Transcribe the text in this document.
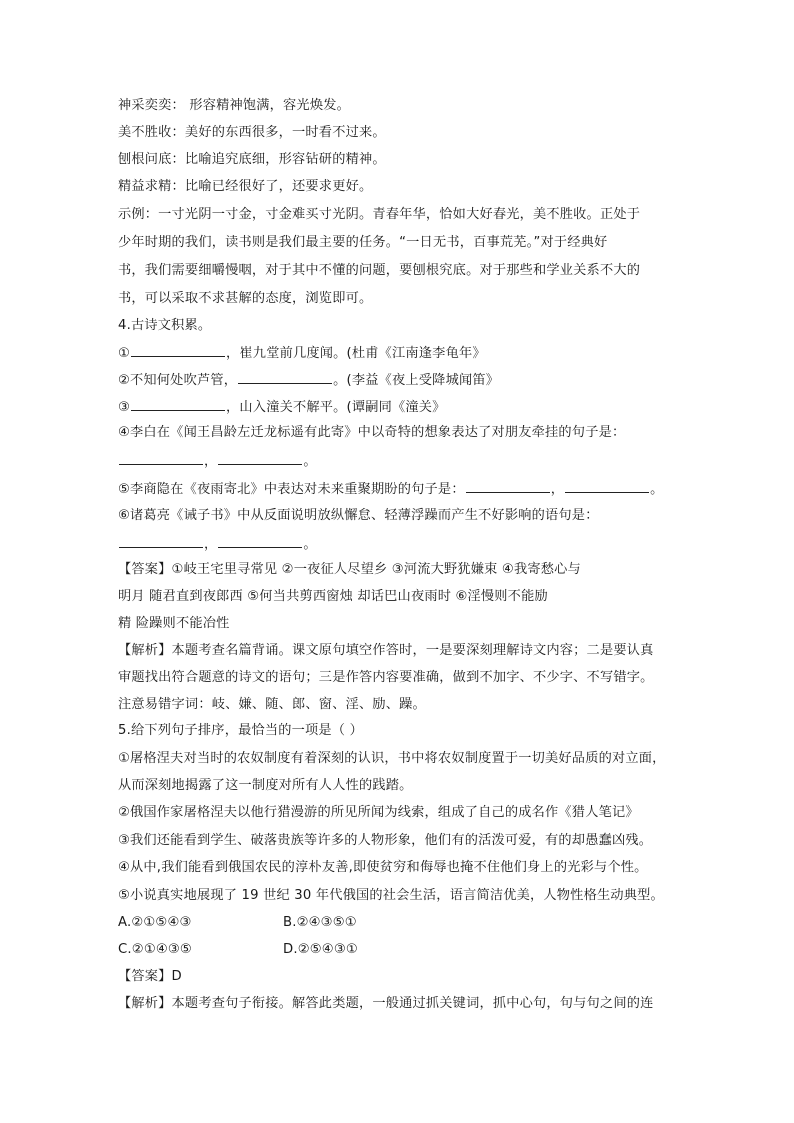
神采奕奕： 形容精神饱满，容光焕发。
美不胜收：美好的东西很多，一时看不过来。
刨根问底：比喻追究底细，形容钻研的精神。
精益求精：比喻已经很好了，还要求更好。
示例：一寸光阴一寸金，寸金难买寸光阴。青春年华，恰如大好春光，美不胜收。正处于
少年时期的我们，读书则是我们最主要的任务。“一日无书，百事荒芜。”对于经典好
书，我们需要细嚼慢咽，对于其中不懂的问题，要刨根究底。对于那些和学业关系不大的
书，可以采取不求甚解的态度，浏览即可。
4.古诗文积累。
①	，崔九堂前几度闻。(杜甫《江南逢李龟年》
②不知何处吹芦管，	。(李益《夜上受降城闻笛》
③	，山入潼关不解平。(谭嗣同《潼关》
④李白在《闻王昌龄左迁龙标遥有此寄》中以奇特的想象表达了对朋友牵挂的句子是：
，	。
⑤李商隐在《夜雨寄北》中表达对未来重聚期盼的句子是：	，	。
⑥诸葛亮《诫子书》中从反面说明放纵懈怠、轻薄浮躁而产生不好影响的语句是：
，	。
【答案】①岐王宅里寻常见 ②一夜征人尽望乡 ③河流大野犹嫌束 ④我寄愁心与
明月 随君直到夜郎西 ⑤何当共剪西窗烛 却话巴山夜雨时 ⑥淫慢则不能励
精 险躁则不能冶性
【解析】本题考查名篇背诵。课文原句填空作答时，一是要深刻理解诗文内容；二是要认真
审题找出符合题意的诗文的语句；三是作答内容要准确，做到不加字、不少字、不写错字。
注意易错字词：岐、嫌、随、郎、窗、淫、励、躁。
5.给下列句子排序，最恰当的一项是（ ）
①屠格涅夫对当时的农奴制度有着深刻的认识，书中将农奴制度置于一切美好品质的对立面，
从而深刻地揭露了这一制度对所有人人性的践踏。
②俄国作家屠格涅夫以他行猎漫游的所见所闻为线索，组成了自己的成名作《猎人笔记》
③我们还能看到学生、破落贵族等许多的人物形象，他们有的活泼可爱，有的却愚蠢凶残。
④从中,我们能看到俄国农民的淳朴友善,即使贫穷和侮辱也掩不住他们身上的光彩与个性。
⑤小说真实地展现了 19 世纪 30 年代俄国的社会生活，语言简洁优美，人物性格生动典型。
A.②①⑤④③	B.②④③⑤①
C.②①④③⑤	D.②⑤④③①
【答案】D
【解析】本题考查句子衔接。解答此类题，一般通过抓关键词，抓中心句，句与句之间的连
